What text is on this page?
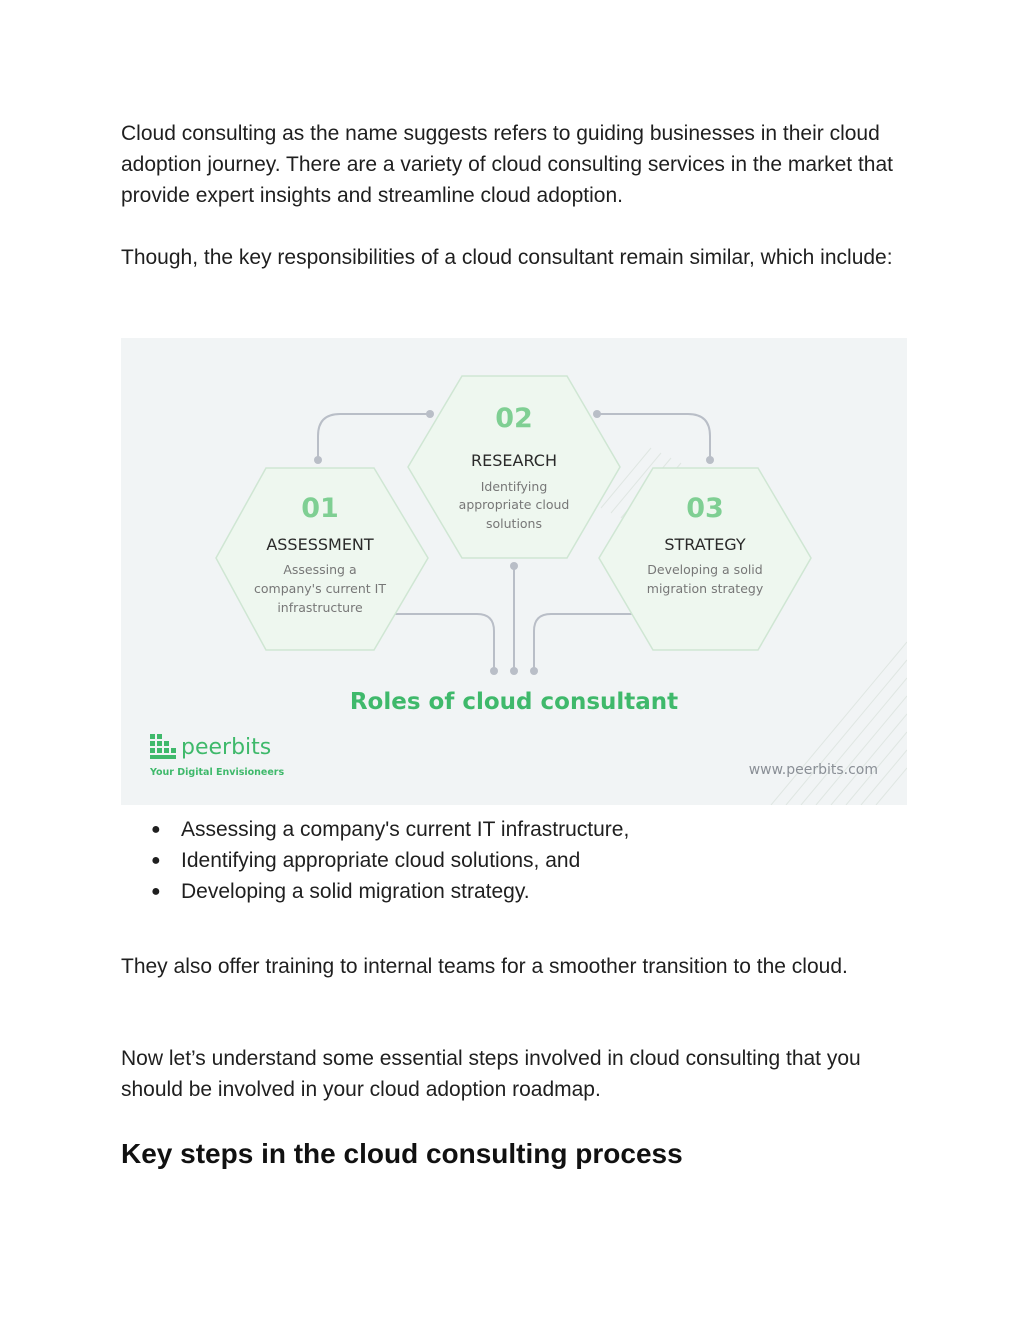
Cloud consulting as the name suggests refers to guiding businesses in their cloud adoption journey. There are a variety of cloud consulting services in the market that provide expert insights and streamline cloud adoption.

Though, the key responsibilities of a cloud consultant remain similar, which include:

01
ASSESSMENT
Assessing a
company's current IT
infrastructure
02
RESEARCH
Identifying
appropriate cloud
solutions	03
STRATEGY
Developing a solid
migration strategy
Roles of cloud consultant
peerbits
Your Digital Envisioneers	www.peerbits.com
● Assessing a company's current IT infrastructure,
● Identifying appropriate cloud solutions, and
● Developing a solid migration strategy.

They also offer training to internal teams for a smoother transition to the cloud.

Now let’s understand some essential steps involved in cloud consulting that you should be involved in your cloud adoption roadmap.

Key steps in the cloud consulting process
